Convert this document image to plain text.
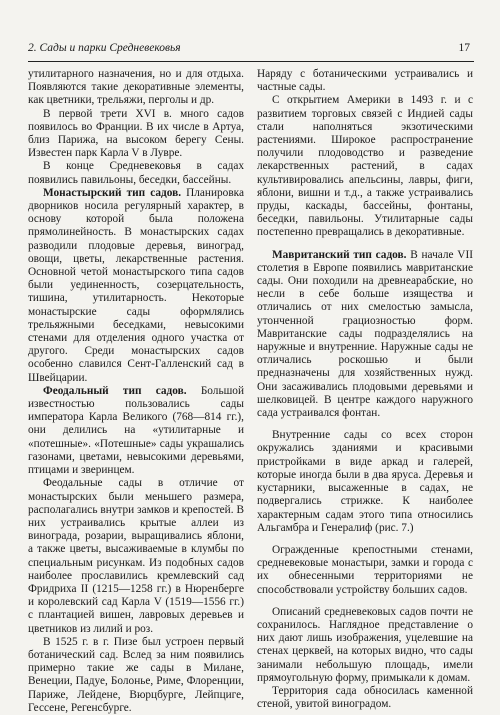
2. Сады и парки Средневековья	17

утилитарного назначения, но и для отдыха. Появляются такие декоративные элементы, как цветники, трельяжи, перголы и др.

В первой трети XVI в. много садов появилось во Франции. В их числе в Артуа, близ Парижа, на высоком берегу Сены. Известен парк Карла V в Лувре.

В конце Средневековья в садах появились павильоны, беседки, бассейны.

Монастырский тип садов. Планировка дворников носила регулярный характер, в основу которой была положена прямолинейность. В монастырских садах разводили плодовые деревья, виноград, овощи, цветы, лекарственные растения. Основной четой монастырского типа садов были уединенность, созерцательность, тишина, утилитарность. Некоторые монастырские сады оформлялись трельяжными беседками, невысокими стенами для отделения одного участка от другого. Среди монастырских садов особенно славился Сент-Галленский сад в Швейцарии.

Феодальный тип садов. Большой известностью пользовались сады императора Карла Великого (768—814 гг.), они делились на «утилитарные и «потешные». «Потешные» сады украшались газонами, цветами, невысокими деревьями, птицами и зверинцем.

Феодальные сады в отличие от монастырских были меньшего размера, располагались внутри замков и крепостей. В них устраивались крытые аллеи из винограда, розарии, выращивались яблони, а также цветы, высаживаемые в клумбы по специальным рисункам. Из подобных садов наиболее прославились кремлевский сад Фридриха II (1215—1258 гг.) в Нюренберге и королевский сад Карла V (1519—1556 гг.) с плантацией вишен, лавровых деревьев и цветников из лилий и роз.

В 1525 г. в г. Пизе был устроен первый ботанический сад. Вслед за ним появились примерно такие же сады в Милане, Венеции, Падуе, Болонье, Риме, Флоренции, Париже, Лейдене, Вюрцбурге, Лейпциге, Гессене, Регенсбурге.

Наряду с ботаническими устраивались и частные сады.

С открытием Америки в 1493 г. и с развитием торговых связей с Индией сады стали наполняться экзотическими растениями. Широкое распространение получили плодоводство и разведение лекарственных растений, в садах культивировались апельсины, лавры, фиги, яблони, вишни и т.д., а также устраивались пруды, каскады, бассейны, фонтаны, беседки, павильоны. Утилитарные сады постепенно превращались в декоративные.

Мавританский тип садов. В начале VII столетия в Европе появились мавританские сады. Они походили на древнеарабские, но несли в себе больше изящества и отличались от них смелостью замысла, утонченной грациозностью форм. Мавританские сады подразделялись на наружные и внутренние. Наружные сады не отличались роскошью и были предназначены для хозяйственных нужд. Они засаживались плодовыми деревьями и шелковицей. В центре каждого наружного сада устраивался фонтан.

Внутренние сады со всех сторон окружались зданиями и красивыми пристройками в виде аркад и галерей, которые иногда были в два яруса. Деревья и кустарники, высаженные в садах, не подвергались стрижке. К наиболее характерным садам этого типа относились Альгамбра и Генералиф (рис. 7.)

Огражденные крепостными стенами, средневековые монастыри, замки и города с их обнесенными территориями не способствовали устройству больших садов.

Описаний средневековых садов почти не сохранилось. Наглядное представление о них дают лишь изображения, уцелевшие на стенах церквей, на которых видно, что сады занимали небольшую площадь, имели прямоугольную форму, примыкали к домам.

Территория сада обносилась каменной стеной, увитой виноградом.
